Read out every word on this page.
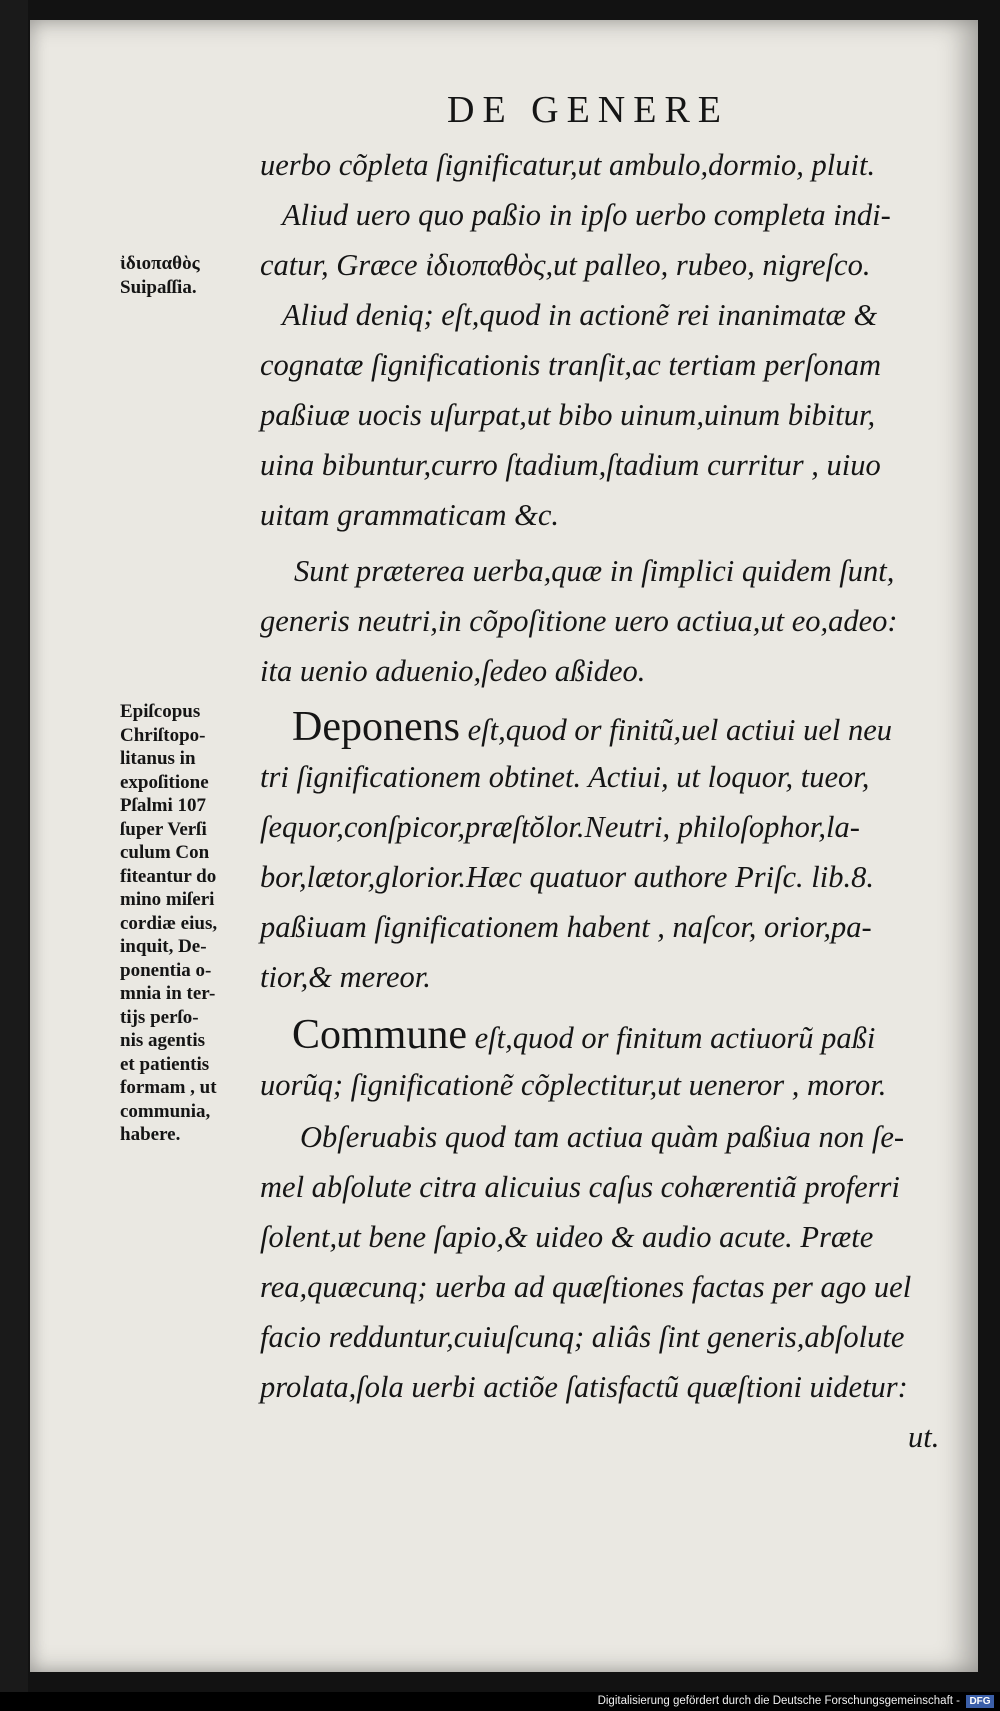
DE GENERE
uerbo cõpleta ſignificatur,ut ambulo,dormio, pluit.
Aliud uero quo paßio in ipſo uerbo completa indi-
catur, Græce ἰδιοπαθὸς,ut palleo, rubeo, nigreſco.
Aliud deniq; eſt,quod in actionẽ rei inanimatæ &
cognatæ ſignificationis tranſit,ac tertiam perſonam
paßiuæ uocis uſurpat,ut bibo uinum,uinum bibitur,
uina bibuntur,curro ſtadium,ſtadium curritur , uiuo
uitam grammaticam &c.
Sunt præterea uerba,quæ in ſimplici quidem ſunt,
generis neutri,in cõpoſitione uero actiua,ut eo,adeo:
ita uenio aduenio,ſedeo aßideo.
Deponens eſt,quod or finitũ,uel actiui uel neu
tri ſignificationem obtinet. Actiui, ut loquor, tueor,
ſequor,conſpicor,præſtŏlor.Neutri, philoſophor,la-
bor,lætor,glorior.Hæc quatuor authore Priſc. lib.8.
paßiuam ſignificationem habent , naſcor, orior,pa-
tior,& mereor.
Commune eſt,quod or finitum actiuorũ paßi
uorũq; ſignificationẽ cõplectitur,ut ueneror , moror.
Obſeruabis quod tam actiua quàm paßiua non ſe-
mel abſolute citra alicuius caſus cohærentiã proferri
ſolent,ut bene ſapio,& uideo & audio acute. Præte
rea,quæcunq; uerba ad quæſtiones factas per ago uel
facio redduntur,cuiuſcunq; aliâs ſint generis,abſolute
prolata,ſola uerbi actiõe ſatisfactũ quæſtioni uidetur:
ut.
ἰδιοπαθὸς
Suipaſſia.
Epiſcopus
Chriſtopo-
litanus in
expoſitione
Pſalmi 107
ſuper Verſi
culum Con
fiteantur do
mino miſeri
cordiæ eius,
inquit, De-
ponentia o-
mnia in ter-
tijs perſo-
nis agentis
et patientis
formam , ut
communia,
habere.
Digitalisierung gefördert durch die Deutsche Forschungsgemeinschaft - DFG
